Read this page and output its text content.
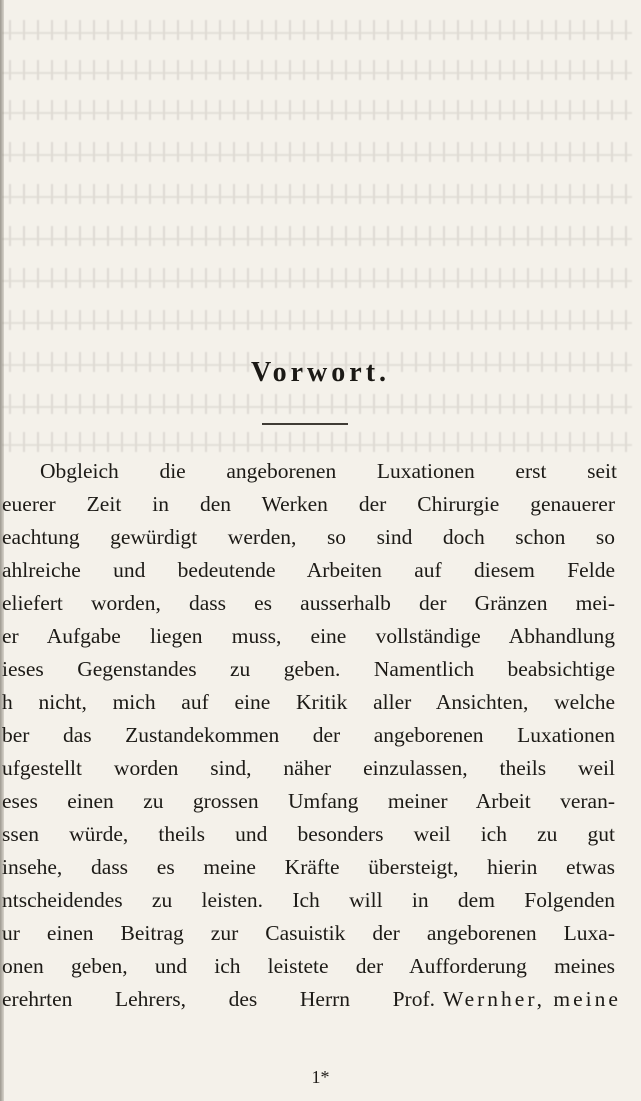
Vorwort.
Obgleich die angeborenen Luxationen erst seit
euerer Zeit in den Werken der Chirurgie genauerer
eachtung gewürdigt werden, so sind doch schon so
ahlreiche und bedeutende Arbeiten auf diesem Felde
eliefert worden, dass es ausserhalb der Gränzen mei-
er Aufgabe liegen muss, eine vollständige Abhandlung
ieses Gegenstandes zu geben. Namentlich beabsichtige
h nicht, mich auf eine Kritik aller Ansichten, welche
ber das Zustandekommen der angeborenen Luxationen
ufgestellt worden sind, näher einzulassen, theils weil
eses einen zu grossen Umfang meiner Arbeit veran-
ssen würde, theils und besonders weil ich zu gut
insehe, dass es meine Kräfte übersteigt, hierin etwas
ntscheidendes zu leisten. Ich will in dem Folgenden
ur einen Beitrag zur Casuistik der angeborenen Luxa-
onen geben, und ich leistete der Aufforderung meines
erehrten Lehrers, des Herrn Prof. Wernher, meine
1*
